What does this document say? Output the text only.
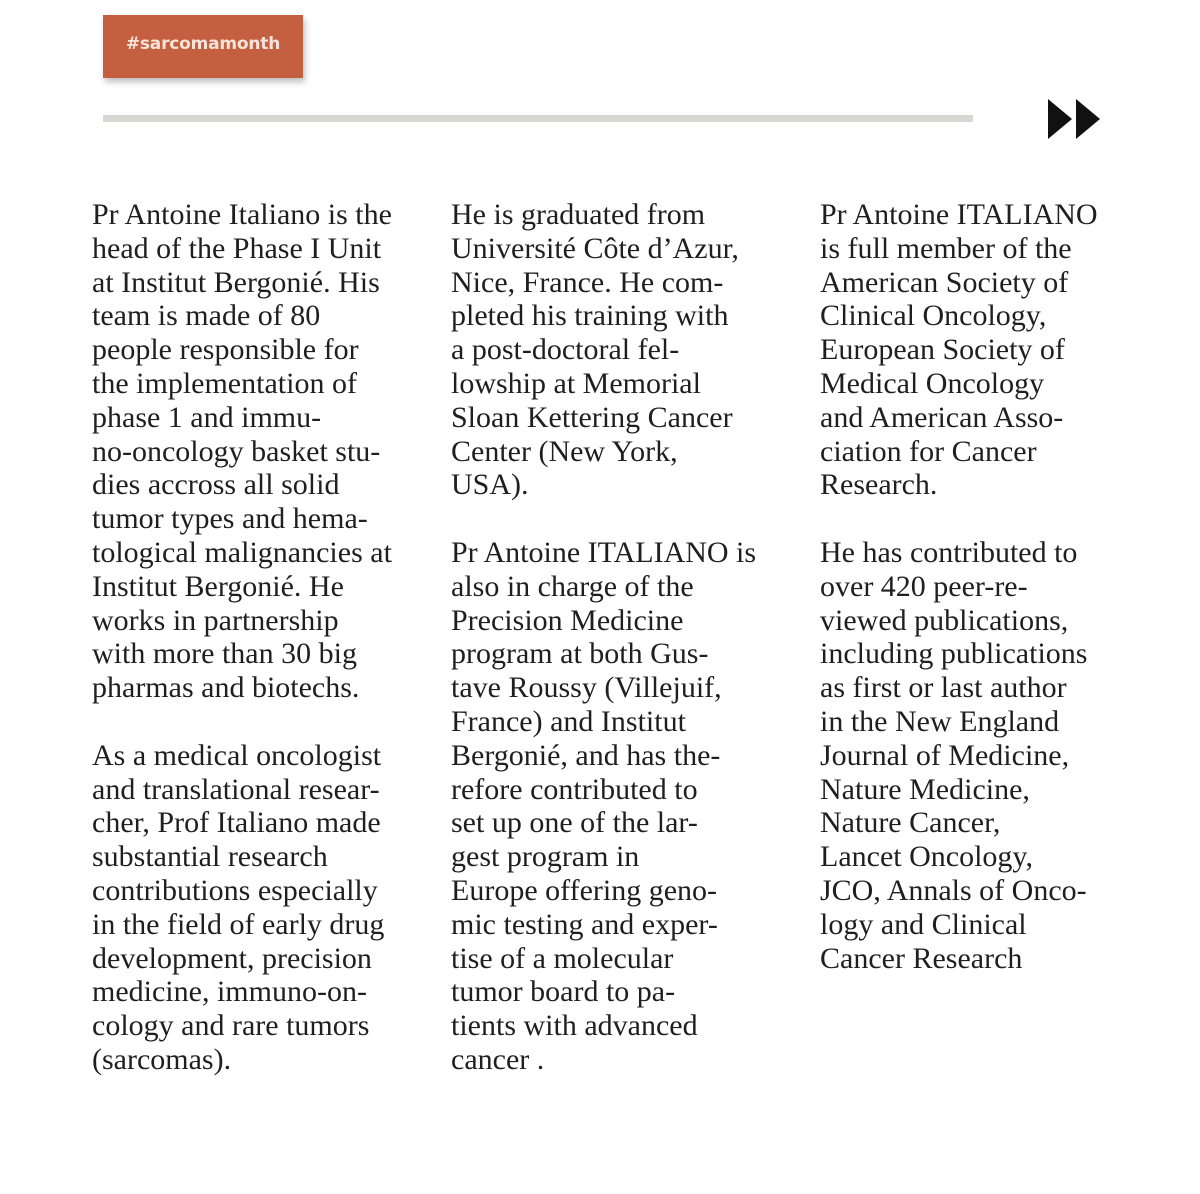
#sarcomamonth
Pr Antoine Italiano is the
head of the Phase I Unit
at Institut Bergonié. His
team is made of 80
people responsible for
the implementation of
phase 1 and immu-
no-oncology basket stu-
dies accross all solid
tumor types and hema-
tological malignancies at
Institut Bergonié. He
works in partnership
with more than 30 big
pharmas and biotechs.
As a medical oncologist
and translational resear-
cher, Prof Italiano made
substantial research
contributions especially
in the field of early drug
development, precision
medicine, immuno-on-
cology and rare tumors
(sarcomas).
He is graduated from
Université Côte d’Azur,
Nice, France. He com-
pleted his training with
a post-doctoral fel-
lowship at Memorial
Sloan Kettering Cancer
Center (New York,
USA).
Pr Antoine ITALIANO is
also in charge of the
Precision Medicine
program at both Gus-
tave Roussy (Villejuif,
France) and Institut
Bergonié, and has the-
refore contributed to
set up one of the lar-
gest program in
Europe offering geno-
mic testing and exper-
tise of a molecular
tumor board to pa-
tients with advanced
cancer .
Pr Antoine ITALIANO
is full member of the
American Society of
Clinical Oncology,
European Society of
Medical Oncology
and American Asso-
ciation for Cancer
Research.
He has contributed to
over 420 peer-re-
viewed publications,
including publications
as first or last author
in the New England
Journal of Medicine,
Nature Medicine,
Nature Cancer,
Lancet Oncology,
JCO, Annals of Onco-
logy and Clinical
Cancer Research
